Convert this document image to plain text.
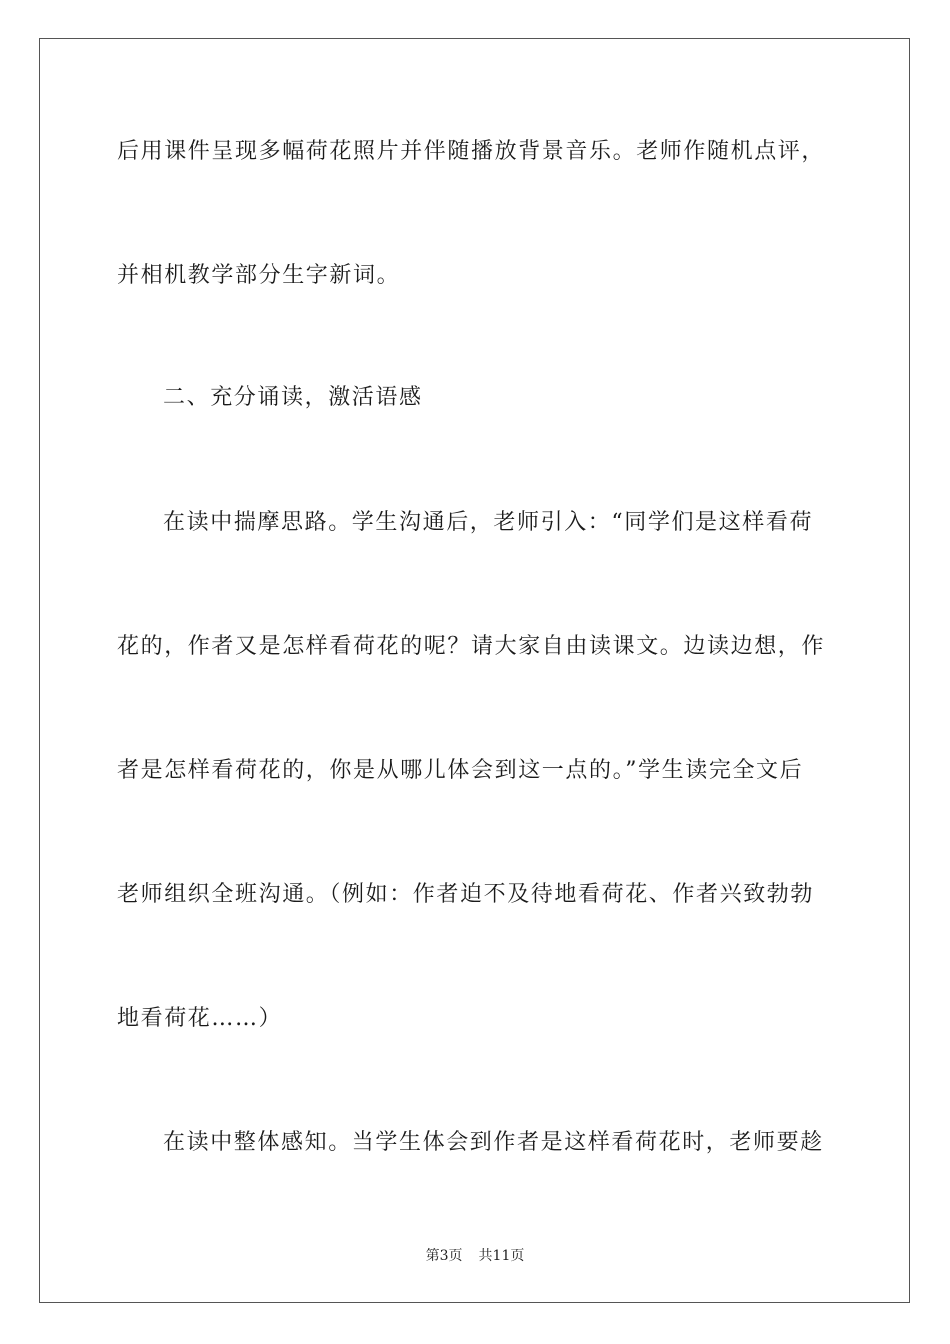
后用课件呈现多幅荷花照片并伴随播放背景音乐。老师作随机点评，
并相机教学部分生字新词。
二、充分诵读，激活语感
在读中揣摩思路。学生沟通后，老师引入：“同学们是这样看荷
花的，作者又是怎样看荷花的呢？请大家自由读课文。边读边想，作
者是怎样看荷花的，你是从哪儿体会到这一点的。”学生读完全文后
老师组织全班沟通。（例如：作者迫不及待地看荷花、作者兴致勃勃
地看荷花……）
在读中整体感知。当学生体会到作者是这样看荷花时，老师要趁
第3页 共11页
